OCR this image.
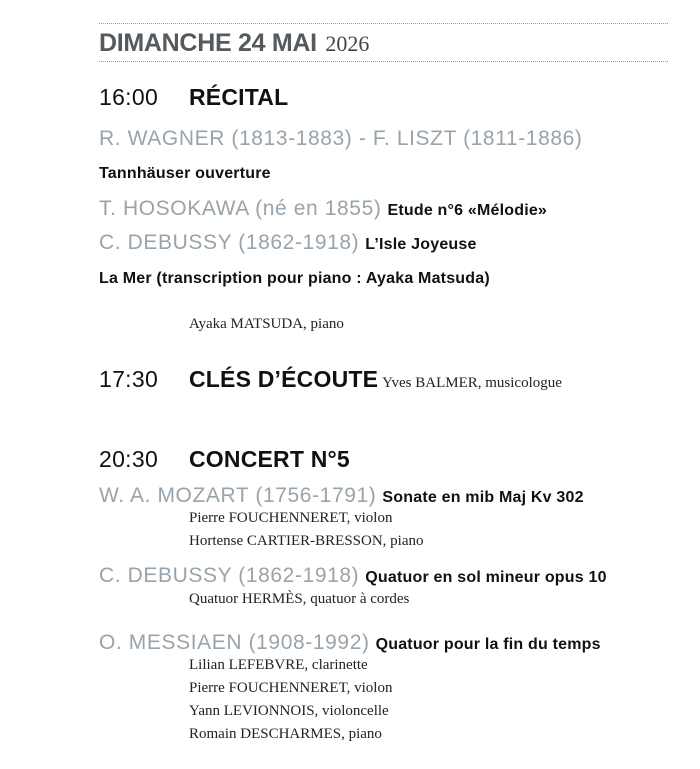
DIMANCHE 24 MAI 2026
16:00 RÉCITAL
R. WAGNER (1813-1883) - F. LISZT (1811-1886)
Tannhäuser ouverture
T. HOSOKAWA (né en 1855) Etude n°6 «Mélodie»
C. DEBUSSY (1862-1918) L’Isle Joyeuse
La Mer (transcription pour piano : Ayaka Matsuda)
Ayaka MATSUDA, piano
17:30 CLÉS D’ÉCOUTE Yves BALMER, musicologue
20:30 CONCERT N°5
W. A. MOZART (1756-1791) Sonate en mib Maj Kv 302
Pierre FOUCHENNERET, violon
Hortense CARTIER-BRESSON, piano
C. DEBUSSY (1862-1918) Quatuor en sol mineur opus 10
Quatuor HERMÈS, quatuor à cordes
O. MESSIAEN (1908-1992) Quatuor pour la fin du temps
Lilian LEFEBVRE, clarinette
Pierre FOUCHENNERET, violon
Yann LEVIONNOIS, violoncelle
Romain DESCHARMES, piano
